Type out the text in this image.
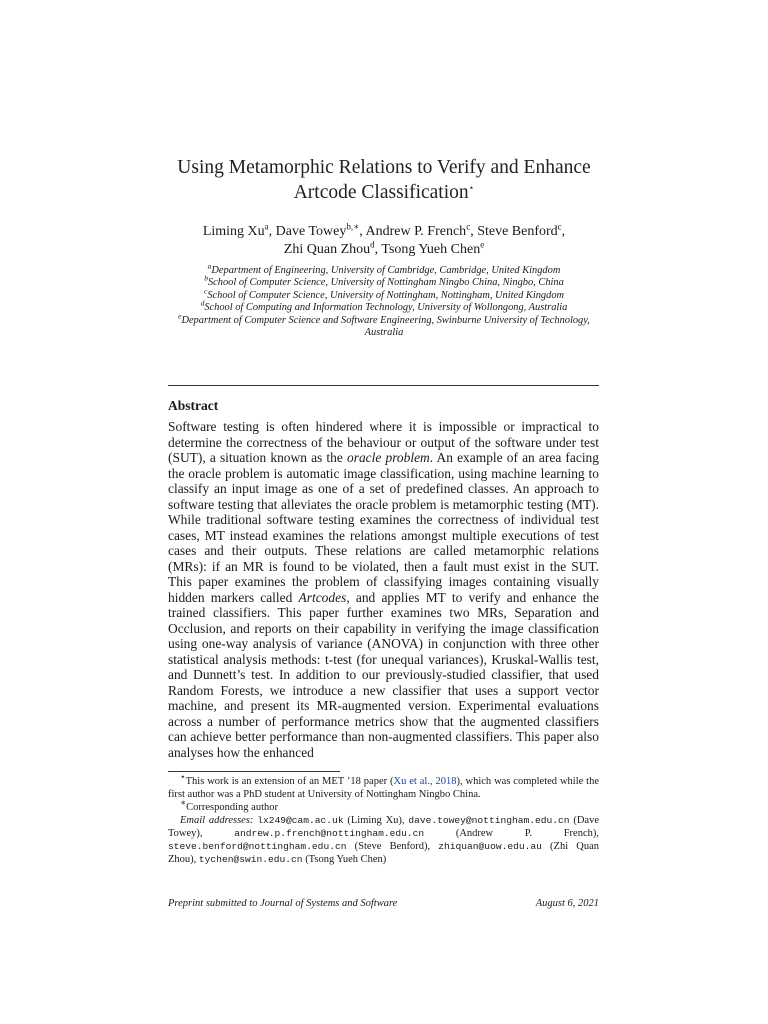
Using Metamorphic Relations to Verify and Enhance
Artcode Classification⋆
Liming Xu$^a$, Dave Towey$^{b,∗}$, Andrew P. French$^c$, Steve Benford$^c$,
Zhi Quan Zhou$^d$, Tsong Yueh Chen$^e$
$^a$Department of Engineering, University of Cambridge, Cambridge, United Kingdom
$^b$School of Computer Science, University of Nottingham Ningbo China, Ningbo, China
$^c$School of Computer Science, University of Nottingham, Nottingham, United Kingdom
$^d$School of Computing and Information Technology, University of Wollongong, Australia
$^e$Department of Computer Science and Software Engineering, Swinburne University of Technology, Australia
Abstract
Software testing is often hindered where it is impossible or impractical to determine the correctness of the behaviour or output of the software under test (SUT), a situation known as the oracle problem. An example of an area facing the oracle problem is automatic image classification, using machine learning to classify an input image as one of a set of predefined classes. An approach to software testing that alleviates the oracle problem is metamorphic testing (MT). While traditional software testing examines the correctness of individual test cases, MT instead examines the relations amongst multiple executions of test cases and their outputs. These relations are called metamorphic relations (MRs): if an MR is found to be violated, then a fault must exist in the SUT. This paper examines the problem of classifying images containing visually hidden markers called Artcodes, and applies MT to verify and enhance the trained classifiers. This paper further examines two MRs, Separation and Occlusion, and reports on their capability in verifying the image classification using one-way analysis of variance (ANOVA) in conjunction with three other statistical analysis methods: t-test (for unequal variances), Kruskal-Wallis test, and Dunnett’s test. In addition to our previously-studied classifier, that used Random Forests, we introduce a new classifier that uses a support vector machine, and present its MR-augmented version. Experimental evaluations across a number of performance metrics show that the augmented classifiers can achieve better performance than non-augmented classifiers. This paper also analyses how the enhanced

⋆This work is an extension of an MET ’18 paper (Xu et al., 2018), which was completed while the first author was a PhD student at University of Nottingham Ningbo China.

∗Corresponding author

Email addresses: lx249@cam.ac.uk (Liming Xu), dave.towey@nottingham.edu.cn (Dave Towey), andrew.p.french@nottingham.edu.cn (Andrew P. French), steve.benford@nottingham.edu.cn (Steve Benford), zhiquan@uow.edu.au (Zhi Quan Zhou), tychen@swin.edu.cn (Tsong Yueh Chen)

Preprint submitted to Journal of Systems and Software	August 6, 2021
